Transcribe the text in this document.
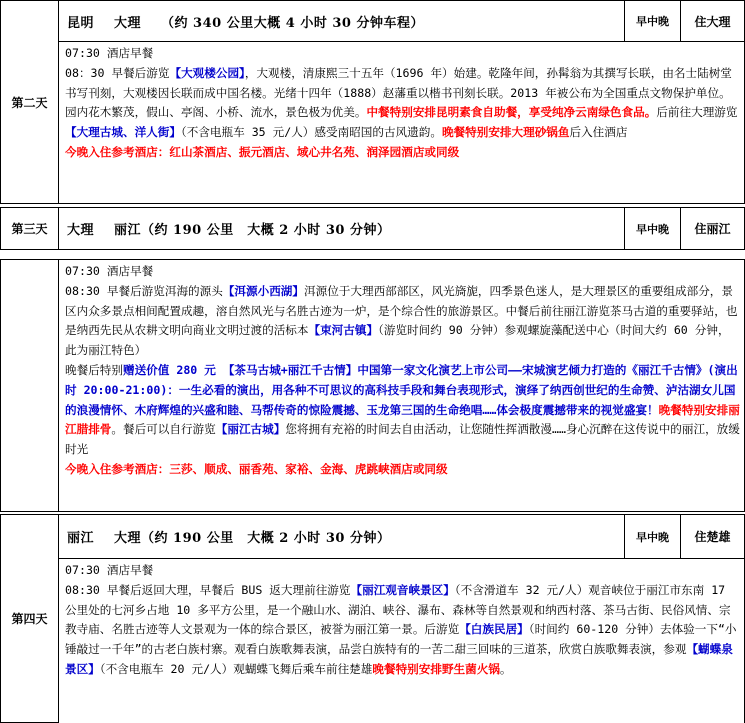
第二天	昆明 大理 （约 340 公里大概 4 小时 30 分钟车程）	早中晚	住大理

07:30 酒店早餐
08：30 早餐后游览【大观楼公园】，大观楼，清康熙三十五年（1696 年）始建。乾隆年间，孙髯翁为其撰写长联，由名士陆树堂书写刊刻，大观楼因长联而成中国名楼。光绪十四年（1888）赵藩重以楷书刊刻长联。2013 年被公布为全国重点文物保护单位。园内花木繁茂，假山、亭阁、小桥、流水，景色极为优美。中餐特别安排昆明素食自助餐，享受纯净云南绿色食品。后前往大理游览【大理古城、洋人街】（不含电瓶车 35 元/人）感受南昭国的古风遗韵。晚餐特别安排大理砂锅鱼后入住酒店
今晚入住参考酒店：红山茶酒店、振元酒店、域心井名苑、润泽园酒店或同级
第三天	大理 丽江（约 190 公里　大概 2 小时 30 分钟）	早中晚	住丽江

07:30 酒店早餐
08:30 早餐后游览洱海的源头【洱源小西湖】洱源位于大理西部部区，风光旖旎，四季景色迷人，是大理景区的重要组成部分，景区内众多景点相间配置成趣，溶自然风光与名胜古迹为一炉，是个综合性的旅游景区。中餐后前往丽江游览茶马古道的重要驿站，也是纳西先民从农耕文明向商业文明过渡的活标本【束河古镇】（游览时间约 90 分钟）参观螺旋藻配送中心（时间大约 60 分钟，此为丽江特色）
晚餐后特别赠送价值 280 元 【茶马古城+丽江千古情】中国第一家文化演艺上市公司——宋城演艺倾力打造的《丽江千古情》(演出时 20:00-21:00)：一生必看的演出，用各种不可思议的高科技手段和舞台表现形式，演绎了纳西创世纪的生命赞、泸沽湖女儿国的浪漫情怀、木府辉煌的兴盛和睦、马帮传奇的惊险震撼、玉龙第三国的生命绝唱……体会极度震撼带来的视觉盛宴！晚餐特别安排丽江腊排骨。餐后可以自行游览【丽江古城】您将拥有充裕的时间去自由活动，让您随性挥洒散漫……身心沉醉在这传说中的丽江，放缓时光
今晚入住参考酒店：三莎、顺成、丽香苑、家裕、金海、虎跳峡酒店或同级
第四天	丽江 大理（约 190 公里　大概 2 小时 30 分钟）	早中晚	住楚雄

07:30 酒店早餐
08:30 早餐后返回大理，早餐后 BUS 返大理前往游览【丽江观音峡景区】（不含滑道车 32 元/人）观音峡位于丽江市东南 17 公里处的七河乡占地 10 多平方公里，是一个融山水、湖泊、峡谷、瀑布、森林等自然景观和纳西村落、茶马古街、民俗风情、宗教寺庙、名胜古迹等人文景观为一体的综合景区，被誉为丽江第一景。后游览【白族民居】（时间约 60-120 分钟）去体验一下“小锤敲过一千年”的古老白族村寨。观看白族歌舞表演，品尝白族特有的一苦二甜三回味的三道茶，欣赏白族歌舞表演，参观【蝴蝶泉景区】（不含电瓶车 20 元/人）观蝴蝶飞舞后乘车前往楚雄晚餐特别安排野生菌火锅。
